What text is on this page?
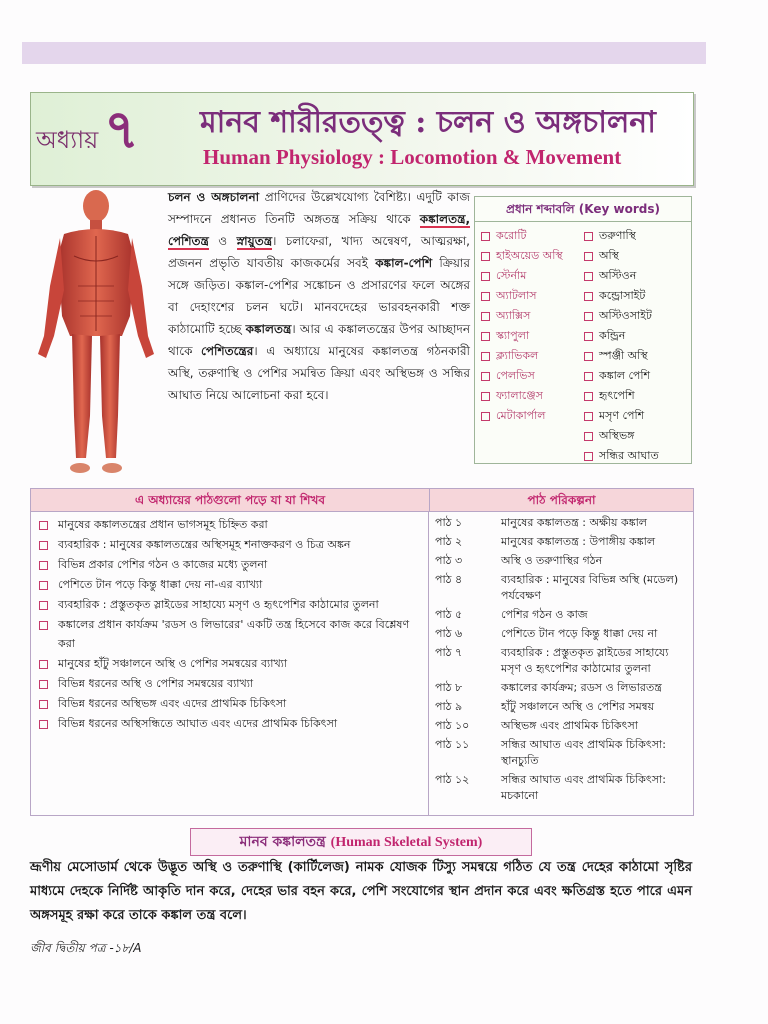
অধ্যায় ৭ মানব শারীরতত্ত্ব : চলন ও অঙ্গচালনা
Human Physiology : Locomotion & Movement
চলন ও অঙ্গচালনা প্রাণিদের উল্লেখযোগ্য বৈশিষ্ট্য। এদুটি কাজ সম্পাদনে প্রধানত তিনটি অঙ্গতন্ত্র সক্রিয় থাকে কঙ্কালতন্ত্র, পেশিতন্ত্র ও স্নায়ুতন্ত্র। চলাফেরা, খাদ্য অন্বেষণ, আত্মরক্ষা, প্রজনন প্রভৃতি যাবতীয় কাজকর্মের সবই কঙ্কাল-পেশি ক্রিয়ার সঙ্গে জড়িত। কঙ্কাল-পেশির সঙ্কোচন ও প্রসারণের ফলে অঙ্গের বা দেহাংশের চলন ঘটে। মানবদেহের ভারবহনকারী শক্ত কাঠামোটি হচ্ছে কঙ্কালতন্ত্র। আর এ কঙ্কালতন্ত্রের উপর আচ্ছাদন থাকে পেশিতন্ত্রের। এ অধ্যায়ে মানুষের কঙ্কালতন্ত্র গঠনকারী অস্থি, তরুণাস্থি ও পেশির সমন্বিত ক্রিয়া এবং অস্থিভঙ্গ ও সন্ধির আঘাত নিয়ে আলোচনা করা হবে।
প্রধান শব্দাবলি (Key words)
করোটি
হাইঅয়েড অস্থি
স্টের্নাম
অ্যাটলাস
অ্যাক্সিস
স্ক্যাপুলা
ক্ল্যাভিকল
পেলভিস
ফ্যালাঞ্জেস
মেটাকার্পাল
তরুণাস্থি
অস্থি
অস্টিওন
কন্ড্রোসাইট
অস্টিওসাইট
কন্ড্রিন
স্পঞ্জী অস্থি
কঙ্কাল পেশি
হৃৎপেশি
মসৃণ পেশি
অস্থিভঙ্গ
সন্ধির আঘাত
এ অধ্যায়ের পাঠগুলো পড়ে যা যা শিখব	পাঠ পরিকল্পনা
মানুষের কঙ্কালতন্ত্রের প্রধান ভাগসমূহ চিহ্নিত করা
ব্যবহারিক : মানুষের কঙ্কালতন্ত্রের অস্থিসমূহ শনাক্তকরণ ও চিত্র অঙ্কন
বিভিন্ন প্রকার পেশির গঠন ও কাজের মধ্যে তুলনা
পেশিতে টান পড়ে কিন্তু ধাক্কা দেয় না-এর ব্যাখ্যা
ব্যবহারিক : প্রস্তুতকৃত স্লাইডের সাহায্যে মসৃণ ও হৃৎপেশির কাঠামোর তুলনা
কঙ্কালের প্রধান কার্যক্রম 'রডস ও লিভারের' একটি তন্ত্র হিসেবে কাজ করে বিশ্লেষণ করা
মানুষের হাঁটু সঞ্চালনে অস্থি ও পেশির সমন্বয়ের ব্যাখ্যা
বিভিন্ন ধরনের অস্থি ও পেশির সমন্বয়ের ব্যাখ্যা
বিভিন্ন ধরনের অস্থিভঙ্গ এবং এদের প্রাথমিক চিকিৎসা
বিভিন্ন ধরনের অস্থিসন্ধিতে আঘাত এবং এদের প্রাথমিক চিকিৎসা
পাঠ ১	মানুষের কঙ্কালতন্ত্র : অক্ষীয় কঙ্কাল
পাঠ ২	মানুষের কঙ্কালতন্ত্র : উপাঙ্গীয় কঙ্কাল
পাঠ ৩	অস্থি ও তরুণাস্থির গঠন
পাঠ ৪	ব্যবহারিক : মানুষের বিভিন্ন অস্থি (মডেল) পর্যবেক্ষণ
পাঠ ৫	পেশির গঠন ও কাজ
পাঠ ৬	পেশিতে টান পড়ে কিন্তু ধাক্কা দেয় না
পাঠ ৭	ব্যবহারিক : প্রস্তুতকৃত স্লাইডের সাহায্যে মসৃণ ও হৃৎপেশির কাঠামোর তুলনা
পাঠ ৮	কঙ্কালের কার্যক্রম; রডস ও লিভারতন্ত্র
পাঠ ৯	হাঁটু সঞ্চালনে অস্থি ও পেশির সমন্বয়
পাঠ ১০	অস্থিভঙ্গ এবং প্রাথমিক চিকিৎসা
পাঠ ১১	সন্ধির আঘাত এবং প্রাথমিক চিকিৎসা: স্থানচ্যুতি
পাঠ ১২	সন্ধির আঘাত এবং প্রাথমিক চিকিৎসা: মচকানো
মানব কঙ্কালতন্ত্র (Human Skeletal System)
ভ্রূণীয় মেসোডার্ম থেকে উদ্ভূত অস্থি ও তরুণাস্থি (কার্টিলেজ) নামক যোজক টিস্যু সমন্বয়ে গঠিত যে তন্ত্র দেহের কাঠামো সৃষ্টির মাধ্যমে দেহকে নির্দিষ্ট আকৃতি দান করে, দেহের ভার বহন করে, পেশি সংযোগের স্থান প্রদান করে এবং ক্ষতিগ্রস্ত হতে পারে এমন অঙ্গসমূহ রক্ষা করে তাকে কঙ্কাল তন্ত্র বলে।
জীব দ্বিতীয় পত্র -১৮/A
